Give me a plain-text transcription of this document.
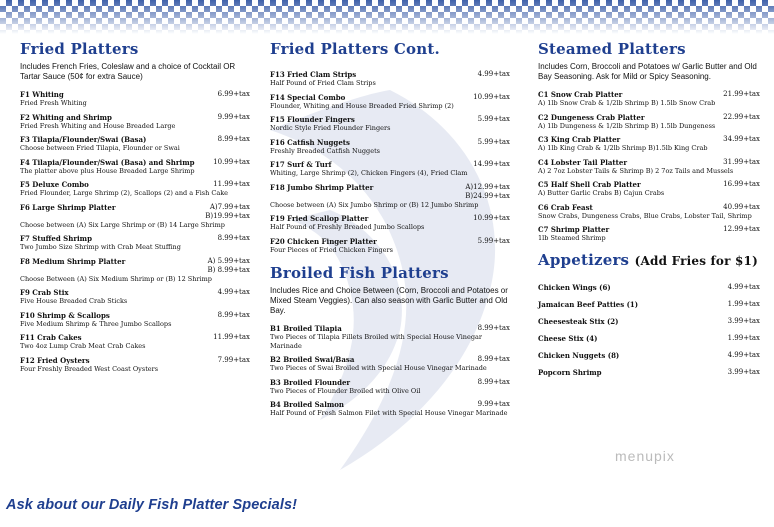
Fried Platters

Includes French Fries, Coleslaw and a choice of Cocktail OR Tartar Sauce (50¢ for extra Sauce)

F1 Whiting	6.99+tax
Fried Fresh Whiting
F2 Whiting and Shrimp	9.99+tax
Fried Fresh Whiting and House Breaded Large
F3 Tilapia/Flounder/Swai (Basa)	8.99+tax
Choose between Fried Tilapia, Flounder or Swai
F4 Tilapia/Flounder/Swai (Basa) and Shrimp	10.99+tax
The platter above plus House Breaded Large Shrimp
F5 Deluxe Combo	11.99+tax
Fried Flounder, Large Shrimp (2), Scallops (2) and a Fish Cake
F6 Large Shrimp Platter	A)7.99+tax
B)19.99+tax
Choose between (A) Six Large Shrimp or (B) 14 Large Shrimp
F7 Stuffed Shrimp	8.99+tax
Two Jumbo Size Shrimp with Crab Meat Stuffing
F8 Medium Shrimp Platter	A) 5.99+tax
B) 8.99+tax
Choose Between (A) Six Medium Shrimp or (B) 12 Shrimp
F9 Crab Stix	4.99+tax
Five House Breaded Crab Sticks
F10 Shrimp & Scallops	8.99+tax
Five Medium Shrimp & Three Jumbo Scallops
F11 Crab Cakes	11.99+tax
Two 4oz Lump Crab Meat Crab Cakes
F12 Fried Oysters	7.99+tax
Four Freshly Breaded West Coast Oysters
Fried Platters Cont.
F13 Fried Clam Strips	4.99+tax
Half Pound of Fried Clam Strips
F14 Special Combo	10.99+tax
Flounder, Whiting and House Breaded Fried Shrimp (2)
F15 Flounder Fingers	5.99+tax
Nordic Style Fried Flounder Fingers
F16 Catfish Nuggets	5.99+tax
Freshly Breaded Catfish Nuggets
F17 Surf & Turf	14.99+tax
Whiting, Large Shrimp (2), Chicken Fingers (4), Fried Clam
F18 Jumbo Shrimp Platter	A)12.99+tax
B)24.99+tax
Choose between (A) Six Jumbo Shrimp or (B) 12 Jumbo Shrimp
F19 Fried Scallop Platter	10.99+tax
Half Pound of Freshly Breaded Jumbo Scallops
F20 Chicken Finger Platter	5.99+tax
Four Pieces of Fried Chicken Fingers
Broiled Fish Platters

Includes Rice and Choice Between (Corn, Broccoli and Potatoes or Mixed Steam Veggies). Can also season with Garlic Butter and Old Bay.

B1 Broiled Tilapia	8.99+tax
Two Pieces of Tilapia Fillets Broiled with Special House Vinegar Marinade
B2 Broiled Swai/Basa	8.99+tax
Two Pieces of Swai Broiled with Special House Vinegar Marinade
B3 Broiled Flounder	8.99+tax
Two Pieces of Flounder Broiled with Olive Oil
B4 Broiled Salmon	9.99+tax
Half Pound of Fresh Salmon Filet with Special House Vinegar Marinade
Steamed Platters

Includes Corn, Broccoli and Potatoes w/ Garlic Butter and Old Bay Seasoning. Ask for Mild or Spicy Seasoning.

C1 Snow Crab Platter	21.99+tax
A) 1lb Snow Crab & 1/2lb Shrimp B) 1.5lb Snow Crab
C2 Dungeness Crab Platter	22.99+tax
A) 1lb Dungeness & 1/2lb Shrimp B) 1.5lb Dungeness
C3 King Crab Platter	34.99+tax
A) 1lb King Crab & 1/2lb Shrimp B)1.5lb King Crab
C4 Lobster Tail Platter	31.99+tax
A) 2 7oz Lobster Tails & Shrimp B) 2 7oz Tails and Mussels
C5 Half Shell Crab Platter	16.99+tax
A) Butter Garlic Crabs B) Cajun Crabs
C6 Crab Feast	40.99+tax
Snow Crabs, Dungeness Crabs, Blue Crabs, Lobster Tail, Shrimp
C7 Shrimp Platter	12.99+tax
1lb Steamed Shrimp
Appetizers (Add Fries for $1)
Chicken Wings (6)	4.99+tax
Jamaican Beef Patties (1)	1.99+tax
Cheesesteak Stix (2)	3.99+tax
Cheese Stix (4)	1.99+tax
Chicken Nuggets (8)	4.99+tax
Popcorn Shrimp	3.99+tax
Ask about our Daily Fish Platter Specials!
menupix
